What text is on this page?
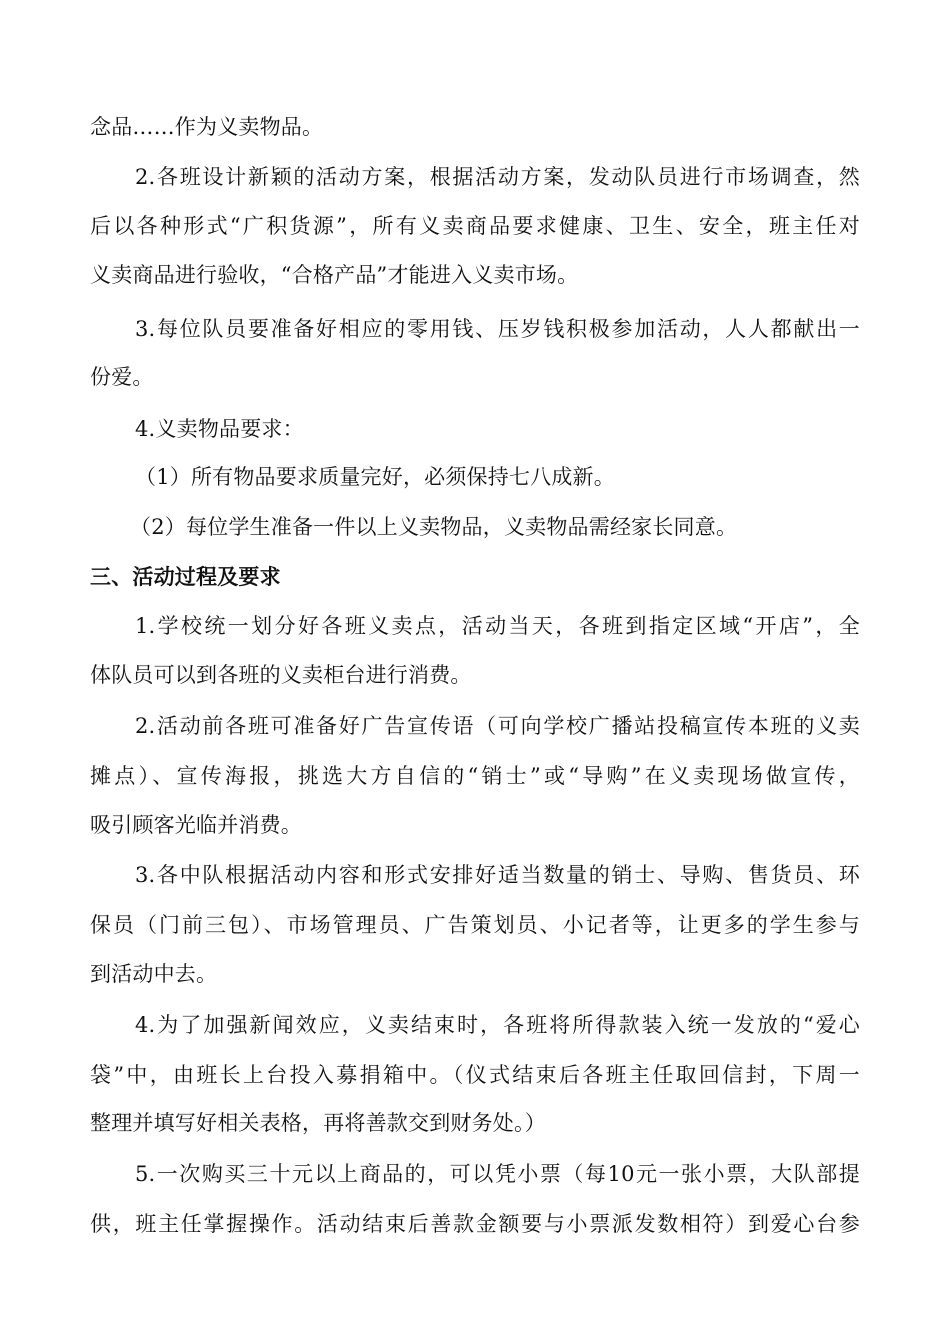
念品……作为义卖物品。
2.各班设计新颖的活动方案，根据活动方案，发动队员进行市场调查，然
后以各种形式“广积货源”，所有义卖商品要求健康、卫生、安全，班主任对
义卖商品进行验收，“合格产品”才能进入义卖市场。
3.每位队员要准备好相应的零用钱、压岁钱积极参加活动，人人都献出一
份爱。
4.义卖物品要求：
（1）所有物品要求质量完好，必须保持七八成新。
（2）每位学生准备一件以上义卖物品，义卖物品需经家长同意。
三、活动过程及要求
1.学校统一划分好各班义卖点，活动当天，各班到指定区域“开店”，全
体队员可以到各班的义卖柜台进行消费。
2.活动前各班可准备好广告宣传语（可向学校广播站投稿宣传本班的义卖
摊点）、宣传海报，挑选大方自信的“销士”或“导购”在义卖现场做宣传，
吸引顾客光临并消费。
3.各中队根据活动内容和形式安排好适当数量的销士、导购、售货员、环
保员（门前三包）、市场管理员、广告策划员、小记者等，让更多的学生参与
到活动中去。
4.为了加强新闻效应，义卖结束时，各班将所得款装入统一发放的“爱心
袋”中，由班长上台投入募捐箱中。（仪式结束后各班主任取回信封，下周一
整理并填写好相关表格，再将善款交到财务处。）
5.一次购买三十元以上商品的，可以凭小票（每10元一张小票，大队部提
供，班主任掌握操作。活动结束后善款金额要与小票派发数相符）到爱心台参
